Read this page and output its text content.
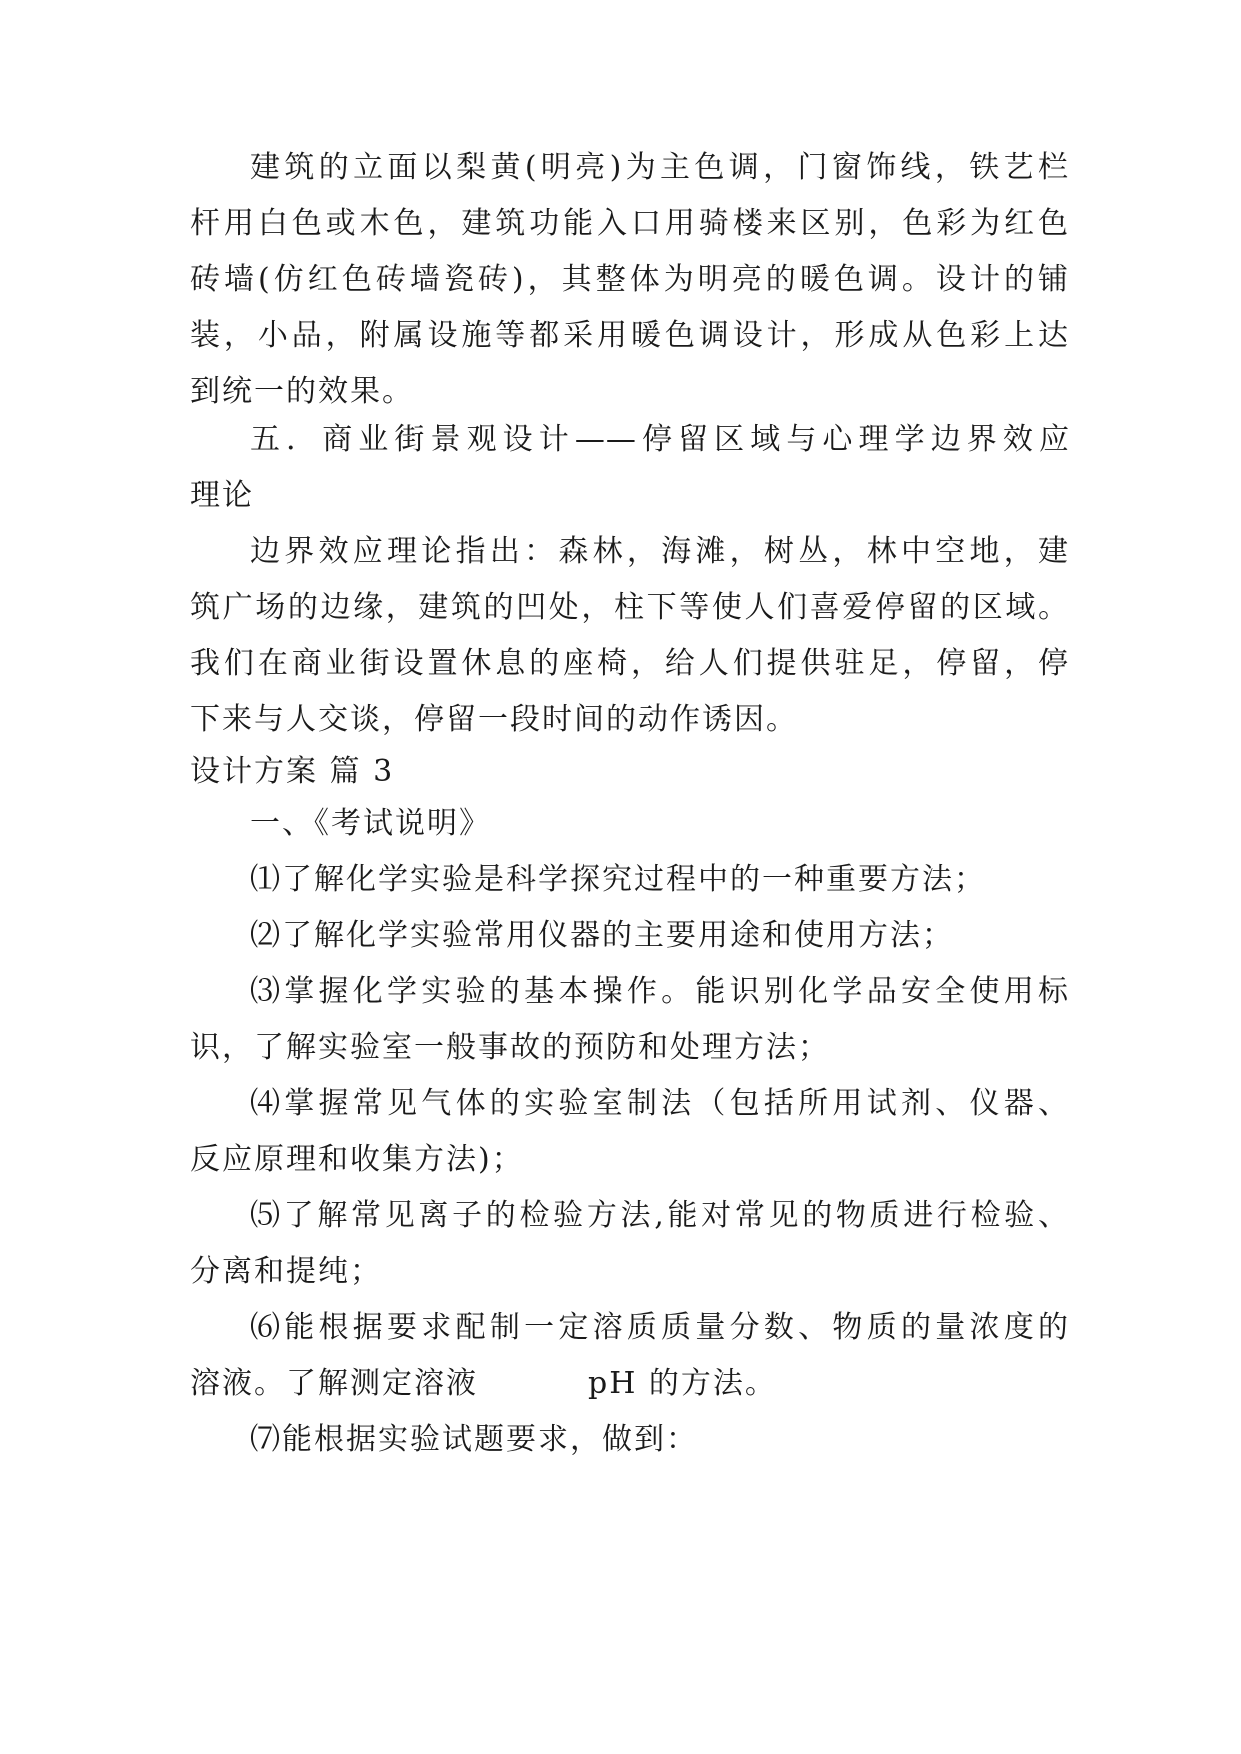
建筑的立面以梨黄(明亮)为主色调，门窗饰线，铁艺栏
杆用白色或木色，建筑功能入口用骑楼来区别，色彩为红色
砖墙(仿红色砖墙瓷砖)，其整体为明亮的暖色调。设计的铺
装，小品，附属设施等都采用暖色调设计，形成从色彩上达
到统一的效果。
五．商业街景观设计——停留区域与心理学边界效应
理论
边界效应理论指出：森林，海滩，树丛，林中空地，建
筑广场的边缘，建筑的凹处，柱下等使人们喜爱停留的区域。
我们在商业街设置休息的座椅，给人们提供驻足，停留，停
下来与人交谈，停留一段时间的动作诱因。
设计方案 篇 3
一、《考试说明》
⑴了解化学实验是科学探究过程中的一种重要方法；
⑵了解化学实验常用仪器的主要用途和使用方法；
⑶掌握化学实验的基本操作。能识别化学品安全使用标
识，了解实验室一般事故的预防和处理方法；
⑷掌握常见气体的实验室制法（包括所用试剂、仪器、
反应原理和收集方法)；
⑸了解常见离子的检验方法,能对常见的物质进行检验、
分离和提纯；
⑹能根据要求配制一定溶质质量分数、物质的量浓度的
溶液。了解测定溶液	pH 的方法。
⑺能根据实验试题要求，做到：
